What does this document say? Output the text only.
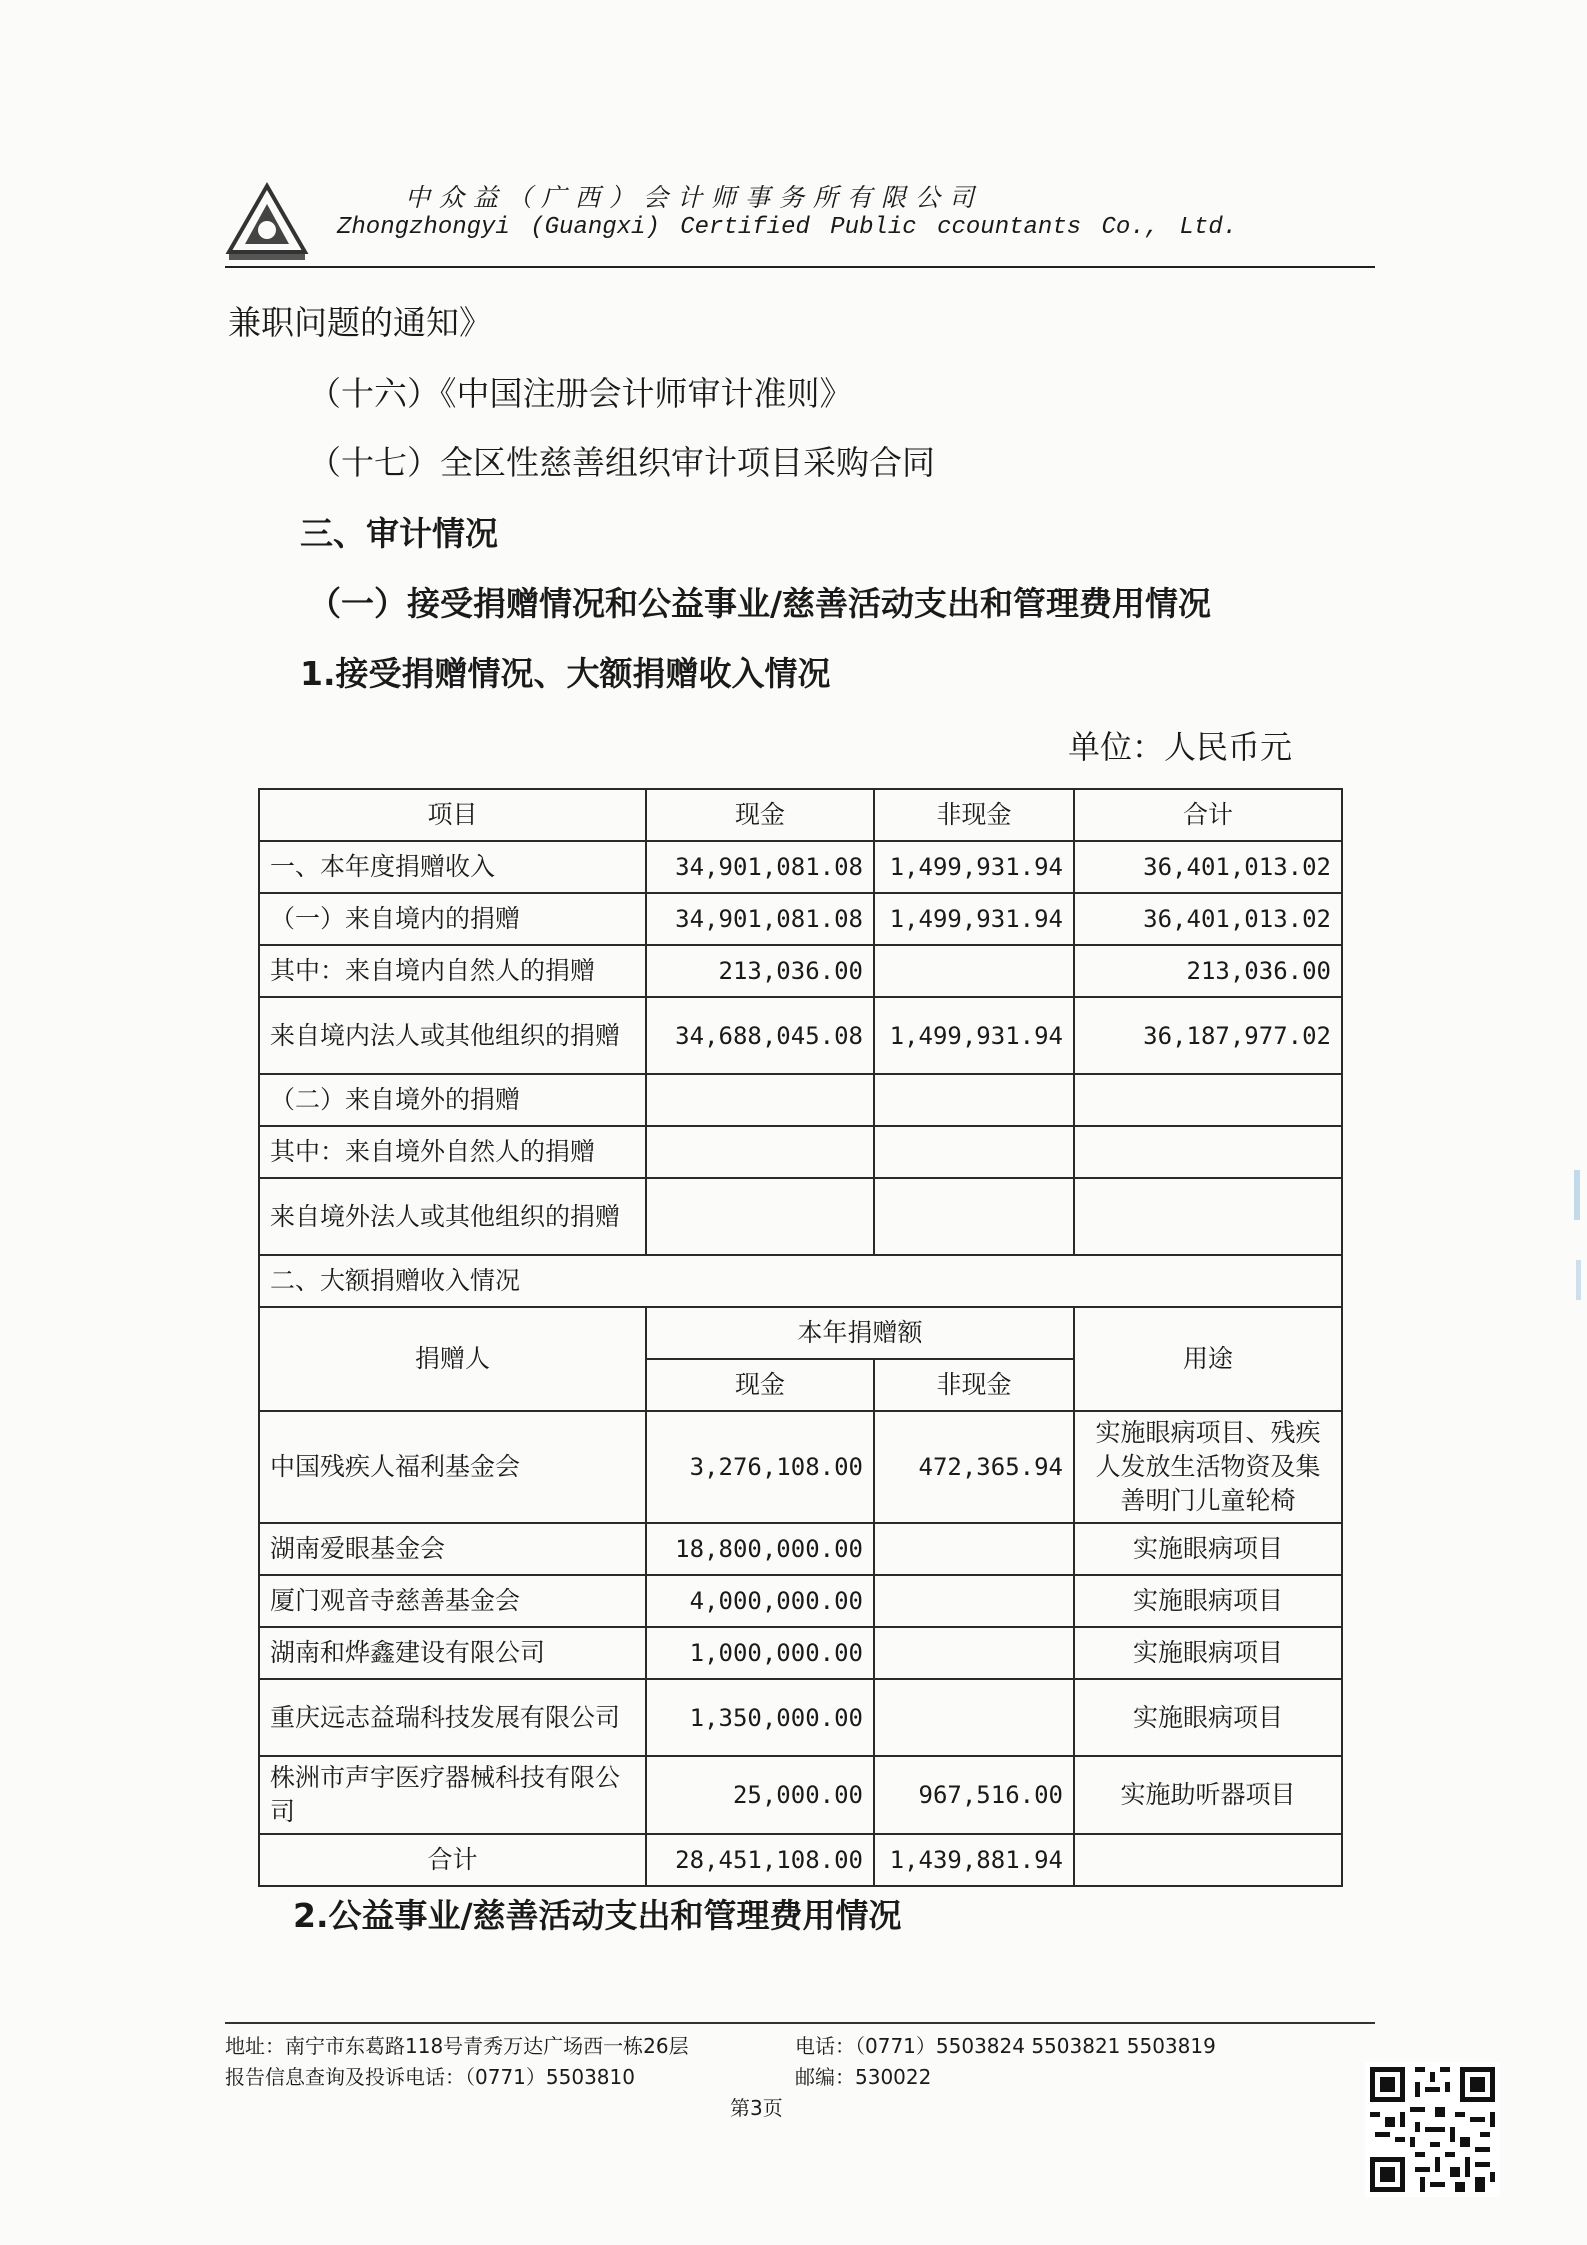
中众益（广西）会计师事务所有限公司
Zhongzhongyi (Guangxi) Certified Public ccountants Co., Ltd.
兼职问题的通知》
（十六）《中国注册会计师审计准则》
（十七）全区性慈善组织审计项目采购合同
三、审计情况
（一）接受捐赠情况和公益事业/慈善活动支出和管理费用情况
1.接受捐赠情况、大额捐赠收入情况
单位：人民币元
项目	现金	非现金	合计
一、本年度捐赠收入	34,901,081.08	1,499,931.94	36,401,013.02
（一）来自境内的捐赠	34,901,081.08	1,499,931.94	36,401,013.02
其中：来自境内自然人的捐赠	213,036.00		213,036.00
来自境内法人或其他组织的捐赠	34,688,045.08	1,499,931.94	36,187,977.02
（二）来自境外的捐赠			
其中：来自境外自然人的捐赠			
来自境外法人或其他组织的捐赠			
二、大额捐赠收入情况			
捐赠人	本年捐赠额		用途
	现金	非现金	
中国残疾人福利基金会	3,276,108.00	472,365.94	实施眼病项目、残疾人发放生活物资及集善明门儿童轮椅
湖南爱眼基金会	18,800,000.00		实施眼病项目
厦门观音寺慈善基金会	4,000,000.00		实施眼病项目
湖南和烨鑫建设有限公司	1,000,000.00		实施眼病项目
重庆远志益瑞科技发展有限公司	1,350,000.00		实施眼病项目
株洲市声宇医疗器械科技有限公司	25,000.00	967,516.00	实施助听器项目
合计	28,451,108.00	1,439,881.94	
2.公益事业/慈善活动支出和管理费用情况
地址：南宁市东葛路118号青秀万达广场西一栋26层	电话：（0771）5503824 5503821 5503819
报告信息查询及投诉电话：（0771）5503810	邮编：530022
第3页
